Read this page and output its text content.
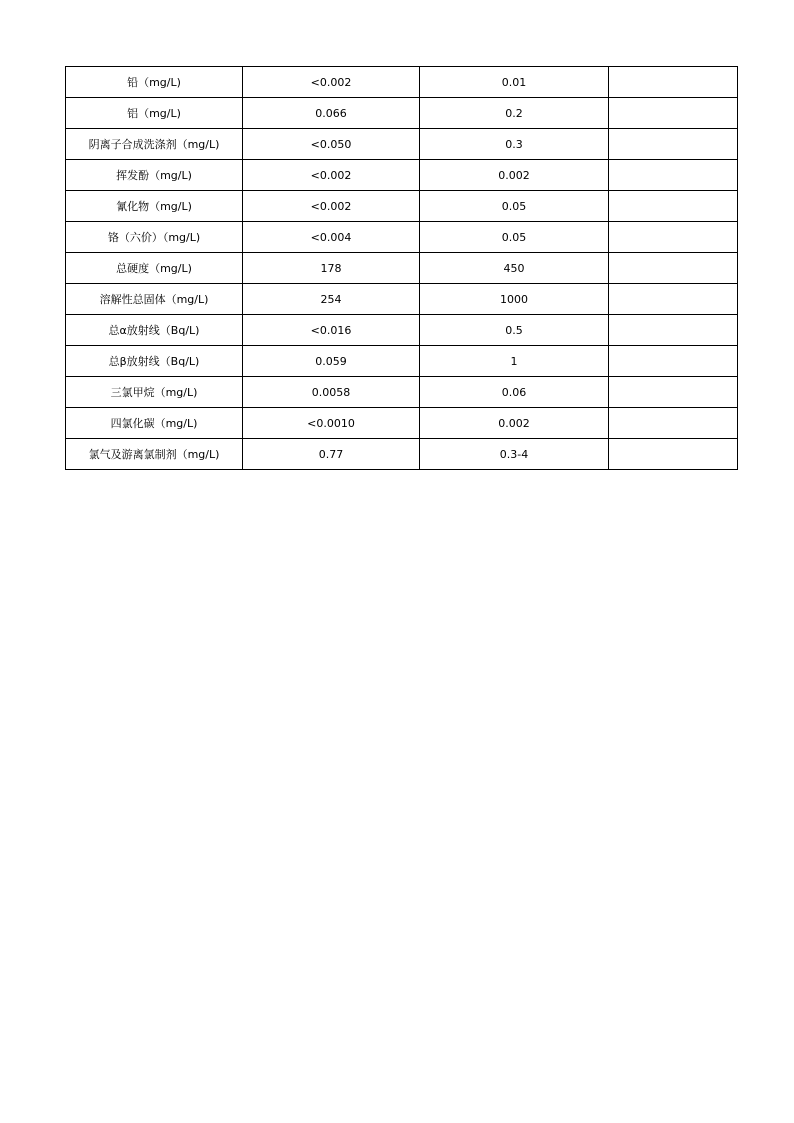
铅（mg/L)	<0.002	0.01	
铝（mg/L)	0.066	0.2	
阴离子合成洗涤剂（mg/L)	<0.050	0.3	
挥发酚（mg/L)	<0.002	0.002	
氰化物（mg/L)	<0.002	0.05	
铬（六价）（mg/L)	<0.004	0.05	
总硬度（mg/L)	178	450	
溶解性总固体（mg/L)	254	1000	
总α放射线（Bq/L)	<0.016	0.5	
总β放射线（Bq/L)	0.059	1	
三氯甲烷（mg/L)	0.0058	0.06	
四氯化碳（mg/L)	<0.0010	0.002	
氯气及游离氯制剂（mg/L)	0.77	0.3-4	
